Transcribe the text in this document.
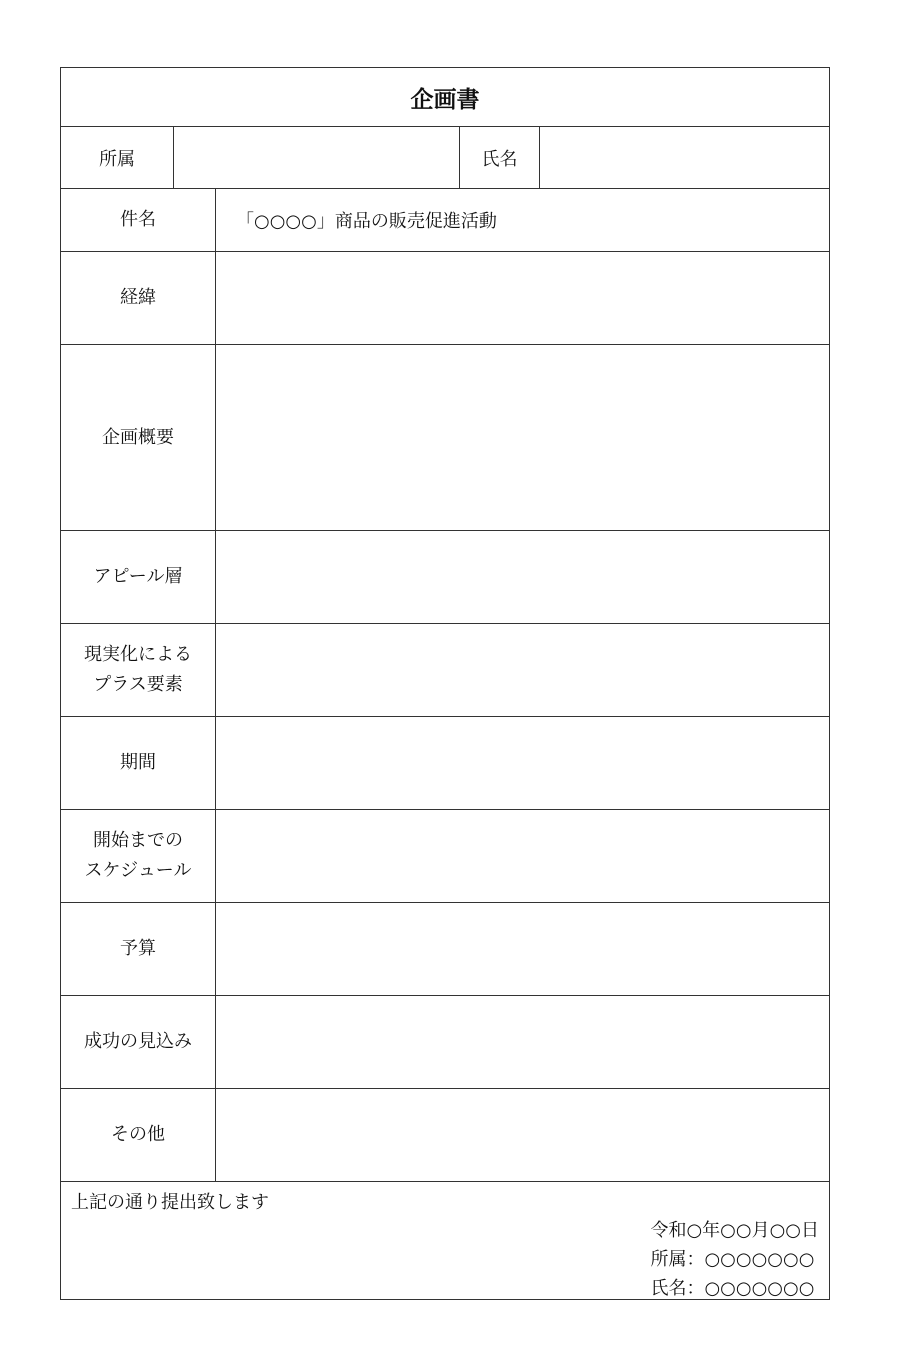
企画書
所属	氏名
件名	「○○○○」商品の販売促進活動
経緯
企画概要
アピール層
現実化による
プラス要素
期間
開始までの
スケジュール
予算
成功の見込み
その他
上記の通り提出致します
令和○年○○月○○日
所属：○○○○○○○
氏名：○○○○○○○
